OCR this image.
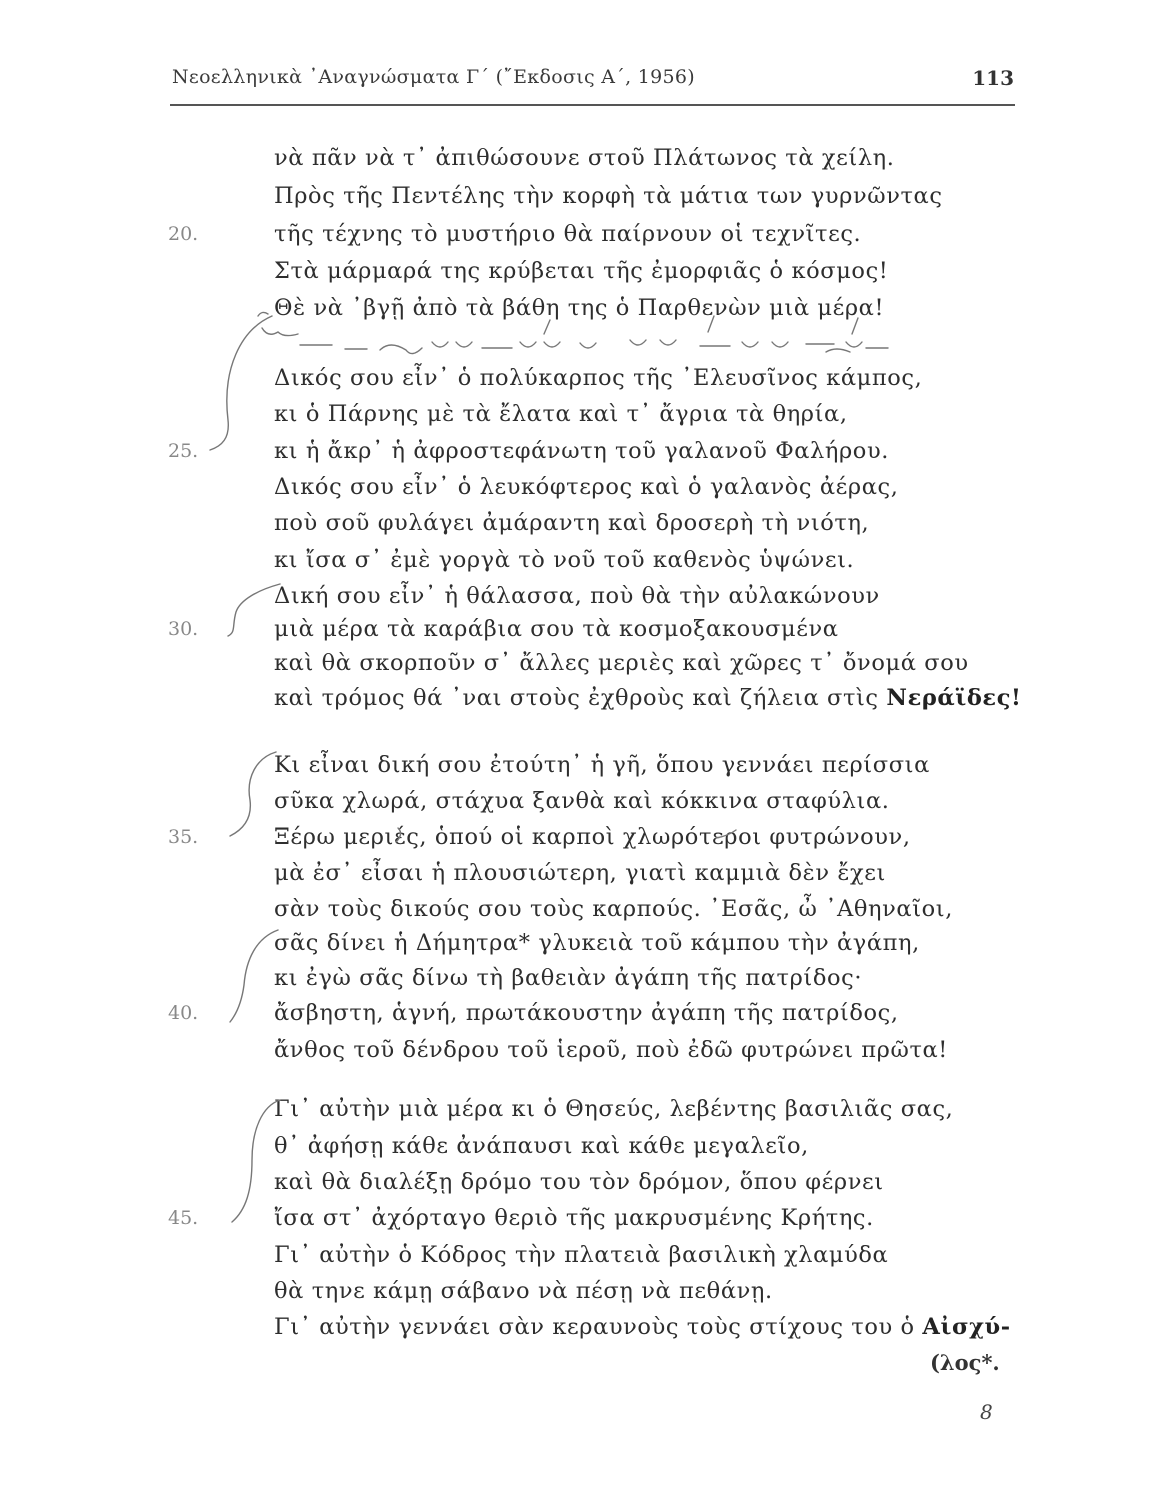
Νεοελληνικὰ ᾿Αναγνώσματα Γ΄ (῎Εκδοσις Α΄, 1956)	113
νὰ πᾶν νὰ τ᾿ ἀπιθώσουνε στοῦ Πλάτωνος τὰ χείλη.
Πρὸς τῆς Πεντέλης τὴν κορφὴ τὰ μάτια των γυρνῶντας
τῆς τέχνης τὸ μυστήριο θὰ παίρνουν οἱ τεχνῖτες.
Στὰ μάρμαρά της κρύβεται τῆς ἐμορφιᾶς ὁ κόσμος!
Θὲ νὰ ᾿βγῇ ἀπὸ τὰ βάθη της ὁ Παρθενὼν μιὰ μέρα!
Δικός σου εἶν᾿ ὁ πολύκαρπος τῆς ᾿Ελευσῖνος κάμπος,
κι ὁ Πάρνης μὲ τὰ ἔλατα καὶ τ᾿ ἄγρια τὰ θηρία,
κι ἡ ἄκρ᾿ ἡ ἀφροστεφάνωτη τοῦ γαλανοῦ Φαλήρου.
Δικός σου εἶν᾿ ὁ λευκόφτερος καὶ ὁ γαλανὸς ἀέρας,
ποὺ σοῦ φυλάγει ἀμάραντη καὶ δροσερὴ τὴ νιότη,
κι ἴσα σ᾿ ἐμὲ γοργὰ τὸ νοῦ τοῦ καθενὸς ὑψώνει.
Δική σου εἶν᾿ ἡ θάλασσα, ποὺ θὰ τὴν αὐλακώνουν
μιὰ μέρα τὰ καράβια σου τὰ κοσμοξακουσμένα
καὶ θὰ σκορποῦν σ᾿ ἄλλες μεριὲς καὶ χῶρες τ᾿ ὄνομά σου
καὶ τρόμος θά ᾿ναι στοὺς ἐχθροὺς καὶ ζήλεια στὶς Νεράϊδες!
Κι εἶναι δική σου ἐτούτη᾿ ἡ γῆ, ὅπου γεννάει περίσσια
σῦκα χλωρά, στάχυα ξανθὰ καὶ κόκκινα σταφύλια.
Ξέρω μεριές, ὁπού οἱ καρποὶ χλωρότεροι φυτρώνουν,
μὰ ἐσ᾿ εἶσαι ἡ πλουσιώτερη, γιατὶ καμμιὰ δὲν ἔχει
σὰν τοὺς δικούς σου τοὺς καρπούς. ᾿Εσᾶς, ὦ ᾿Αθηναῖοι,
σᾶς δίνει ἡ Δήμητρα* γλυκειὰ τοῦ κάμπου τὴν ἀγάπη,
κι ἐγὼ σᾶς δίνω τὴ βαθειὰν ἀγάπη τῆς πατρίδος·
ἄσβηστη, ἁγνή, πρωτάκουστην ἀγάπη τῆς πατρίδος,
ἄνθος τοῦ δένδρου τοῦ ἱεροῦ, ποὺ ἐδῶ φυτρώνει πρῶτα!
Γι᾿ αὐτὴν μιὰ μέρα κι ὁ Θησεύς, λεβέντης βασιλιᾶς σας,
θ᾿ ἀφήσῃ κάθε ἀνάπαυσι καὶ κάθε μεγαλεῖο,
καὶ θὰ διαλέξῃ δρόμο του τὸν δρόμον, ὅπου φέρνει
ἴσα στ᾿ ἀχόρταγο θεριὸ τῆς μακρυσμένης Κρήτης.
Γι᾿ αὐτὴν ὁ Κόδρος τὴν πλατειὰ βασιλικὴ χλαμύδα
θὰ τηνε κάμῃ σάβανο νὰ πέσῃ νὰ πεθάνῃ.
Γι᾿ αὐτὴν γεννάει σὰν κεραυνοὺς τοὺς στίχους του ὁ Αἰσχύ-
(λος*.
20.
25.
30.
35.
40.
45.
8
